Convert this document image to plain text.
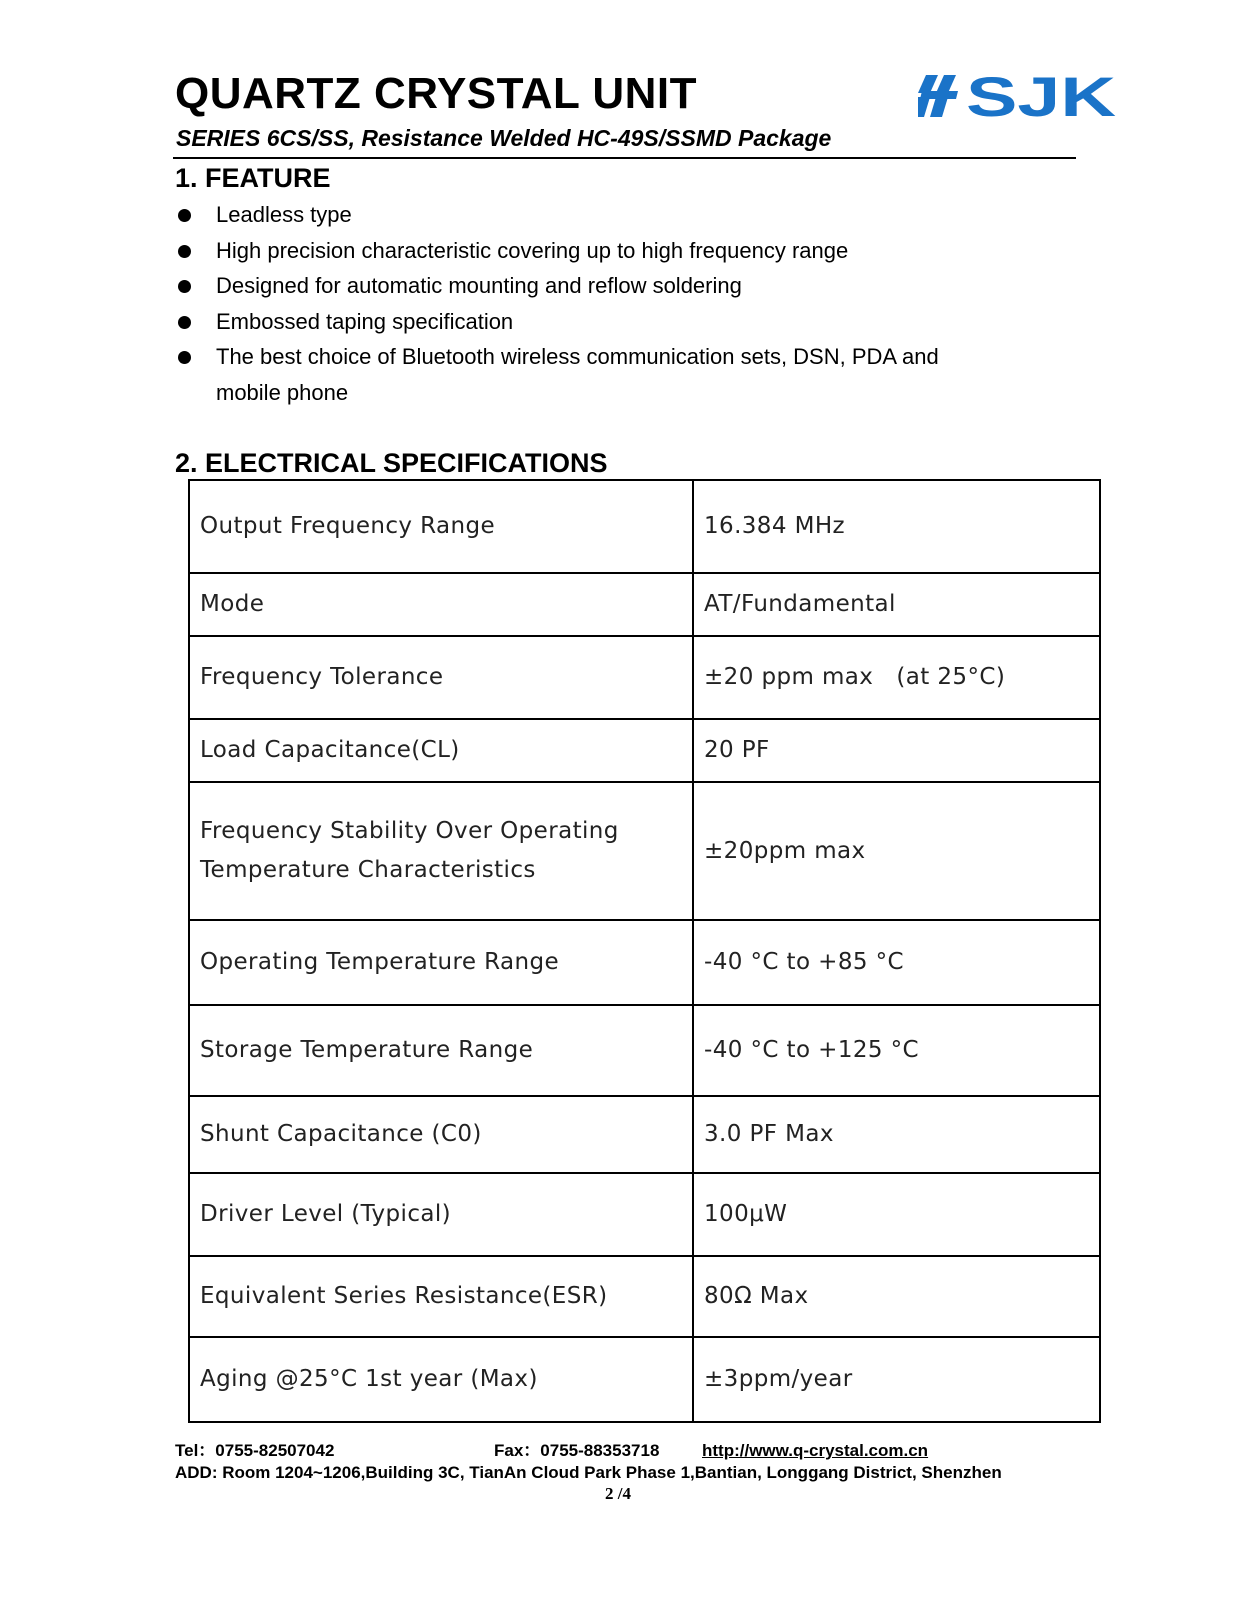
QUARTZ CRYSTAL UNIT
SERIES 6CS/SS, Resistance Welded HC-49S/SSMD Package
SJK
1. FEATURE
Leadless type
High precision characteristic covering up to high frequency range
Designed for automatic mounting and reflow soldering
Embossed taping specification
The best choice of Bluetooth wireless communication sets, DSN, PDA and mobile phone
2. ELECTRICAL SPECIFICATIONS
Output Frequency Range	16.384 MHz
Mode	AT/Fundamental
Frequency Tolerance	±20 ppm max   (at 25°C)
Load Capacitance(CL)	20 PF
Frequency Stability Over Operating Temperature Characteristics	±20ppm max
Operating Temperature Range	-40 °C to +85 °C
Storage Temperature Range	-40 °C to +125 °C
Shunt Capacitance (C0)	3.0 PF Max
Driver Level (Typical)	100μW
Equivalent Series Resistance(ESR)	80Ω Max
Aging @25°C 1st year (Max)	±3ppm/year
Tel：0755-82507042	Fax：0755-88353718	http://www.q-crystal.com.cn
ADD: Room 1204~1206,Building 3C, TianAn Cloud Park Phase 1,Bantian, Longgang District, Shenzhen
2 /4
